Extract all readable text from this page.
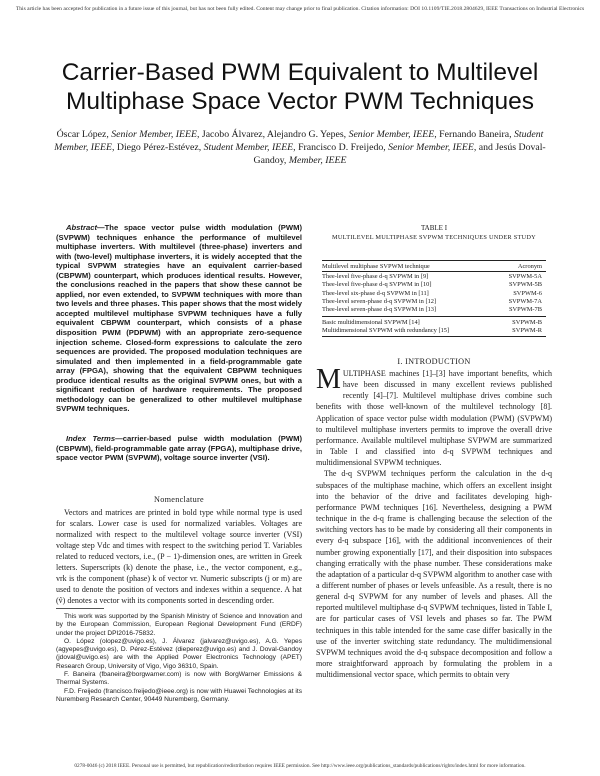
This article has been accepted for publication in a future issue of this journal, but has not been fully edited. Content may change prior to final publication. Citation information: DOI 10.1109/TIE.2018.2804629, IEEE Transactions on Industrial Electronics
Carrier-Based PWM Equivalent to Multilevel Multiphase Space Vector PWM Techniques
Óscar López, Senior Member, IEEE, Jacobo Álvarez, Alejandro G. Yepes, Senior Member, IEEE, Fernando Baneira, Student Member, IEEE, Diego Pérez-Estévez, Student Member, IEEE, Francisco D. Freijedo, Senior Member, IEEE, and Jesús Doval-Gandoy, Member, IEEE

Abstract—The space vector pulse width modulation (PWM) (SVPWM) techniques enhance the performance of multilevel multiphase inverters. With multilevel (three-phase) inverters and with (two-level) multiphase inverters, it is widely accepted that the typical SVPWM strategies have an equivalent carrier-based (CBPWM) counterpart, which produces identical results. However, the conclusions reached in the papers that show these cannot be applied, nor even extended, to SVPWM techniques with more than two levels and three phases. This paper shows that the most widely accepted multilevel multiphase SVPWM techniques have a fully equivalent CBPWM counterpart, which consists of a phase disposition PWM (PDPWM) with an appropriate zero-sequence injection scheme. Closed-form expressions to calculate the zero sequences are provided. The proposed modulation techniques are simulated and then implemented in a field-programmable gate array (FPGA), showing that the equivalent CBPWM techniques produce identical results as the original SVPWM ones, but with a significant reduction of hardware requirements. The proposed methodology can be generalized to other multilevel multiphase SVPWM techniques.

Index Terms—carrier-based pulse width modulation (PWM) (CBPWM), field-programmable gate array (FPGA), multiphase drive, space vector PWM (SVPWM), voltage source inverter (VSI).

Nomenclature

Vectors and matrices are printed in bold type while normal type is used for scalars. Lower case is used for normalized variables. Voltages are normalized with respect to the multilevel voltage source inverter (VSI) voltage step Vdc and times with respect to the switching period T. Variables related to reduced vectors, i.e., (P − 1)-dimension ones, are written in Greek letters. Superscripts (k) denote the phase, i.e., the vector component, e.g., vrk is the component (phase) k of vector vr. Numeric subscripts (j or m) are used to denote the position of vectors and indexes within a sequence. A hat (v̂) denotes a vector with its components sorted in descending order.

This work was supported by the Spanish Ministry of Science and Innovation and by the European Commission, European Regional Development Fund (ERDF) under the project DPI2016-75832.

O. López (olopez@uvigo.es), J. Álvarez (jalvarez@uvigo.es), A.G. Yepes (agyepes@uvigo.es), D. Pérez-Estévez (dieperez@uvigo.es) and J. Doval-Gandoy (jdoval@uvigo.es) are with the Applied Power Electronics Technology (APET) Research Group, University of Vigo, Vigo 36310, Spain.

F. Baneira (fbaneira@borgwarner.com) is now with BorgWarner Emissions & Thermal Systems.

F.D. Freijedo (francisco.freijedo@ieee.org) is now with Huawei Technologies at its Nuremberg Research Center, 90449 Nuremberg, Germany.

TABLE I
MULTILEVEL MULTIPHASE SVPWM TECHNIQUES UNDER STUDY
Multilevel multiphase SVPWM technique	Acronym
Thee-level five-phase d-q SVPWM in [9]	SVPWM-5A
Thee-level five-phase d-q SVPWM in [10]	SVPWM-5B
Thee-level six-phase d-q SVPWM in [11]	SVPWM-6
Thee-level seven-phase d-q SVPWM in [12]	SVPWM-7A
Thee-level seven-phase d-q SVPWM in [13]	SVPWM-7B
Basic multidimensional SVPWM [14]	SVPWM-B
Multidimensional SVPWM with redundancy [15]	SVPWM-R
I. INTRODUCTION

MULTIPHASE machines [1]–[3] have important benefits, which have been discussed in many excellent reviews published recently [4]–[7]. Multilevel multiphase drives combine such benefits with those well-known of the multilevel technology [8]. Application of space vector pulse width modulation (PWM) (SVPWM) to multilevel multiphase inverters permits to improve the overall drive performance. Available multilevel multiphase SVPWM are summarized in Table I and classified into d-q SVPWM techniques and multidimensional SVPWM techniques.
The d-q SVPWM techniques perform the calculation in the d-q subspaces of the multiphase machine, which offers an excellent insight into the behavior of the drive and facilitates developing high-performance PWM techniques [16]. Nevertheless, designing a PWM technique in the d-q frame is challenging because the selection of the switching vectors has to be made by considering all their components in every d-q subspace [16], with the additional inconveniences of their number growing exponentially [17], and their disposition into subspaces changing erratically with the phase number. These considerations make the adaptation of a particular d-q SVPWM algorithm to another case with a different number of phases or levels unfeasible. As a result, there is no general d-q SVPWM for any number of levels and phases. All the reported multilevel multiphase d-q SVPWM techniques, listed in Table I, are for particular cases of VSI levels and phases so far. The PWM techniques in this table intended for the same case differ basically in the use of the inverter switching state redundancy. The multidimensional SVPWM techniques avoid the d-q subspace decomposition and follow a more straightforward approach by formulating the problem in a multidimensional vector space, which permits to obtain very

0278-0046 (c) 2018 IEEE. Personal use is permitted, but republication/redistribution requires IEEE permission. See http://www.ieee.org/publications_standards/publications/rights/index.html for more information.
